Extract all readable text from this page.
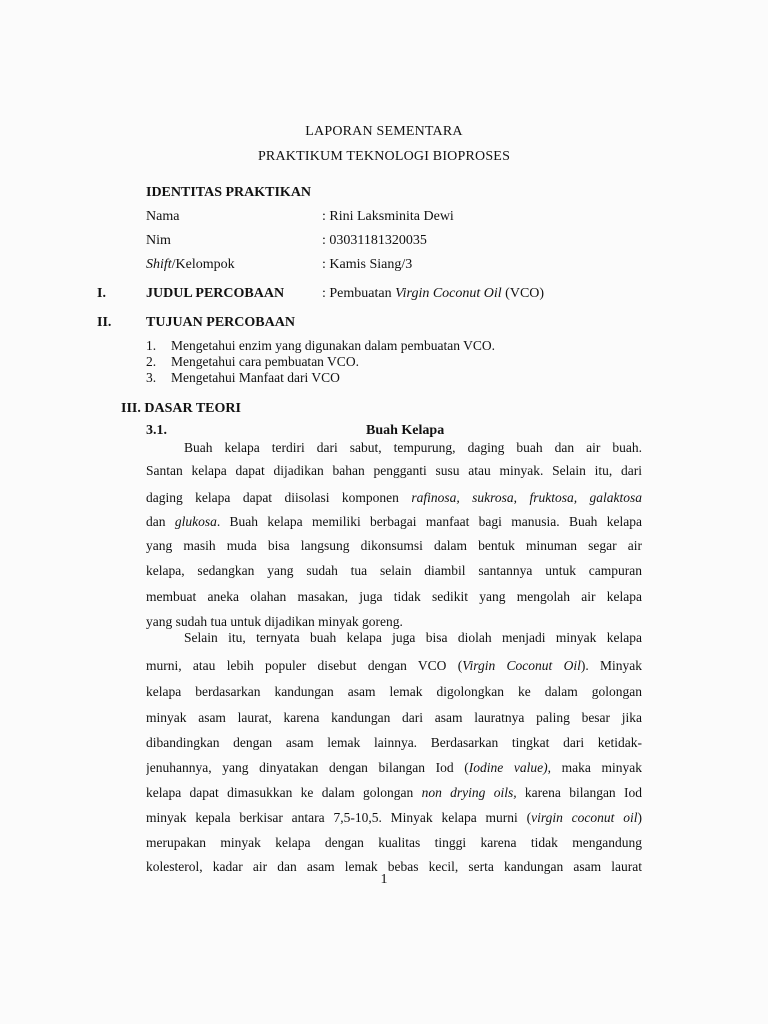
LAPORAN SEMENTARA
PRAKTIKUM TEKNOLOGI BIOPROSES
IDENTITAS PRAKTIKAN
Nama	: Rini Laksminita Dewi
Nim	: 03031181320035
Shift/Kelompok	: Kamis Siang/3
I.	JUDUL PERCOBAAN	: Pembuatan Virgin Coconut Oil (VCO)
II. TUJUAN PERCOBAAN
1. Mengetahui enzim yang digunakan dalam pembuatan VCO.
2. Mengetahui cara pembuatan VCO.
3. Mengetahui Manfaat dari VCO
III. DASAR TEORI
3.1.	Buah Kelapa
Buah kelapa terdiri dari sabut, tempurung, daging buah dan air buah.
Santan kelapa dapat dijadikan bahan pengganti susu atau minyak. Selain itu, dari
daging kelapa dapat diisolasi komponen rafinosa, sukrosa, fruktosa, galaktosa
dan glukosa. Buah kelapa memiliki berbagai manfaat bagi manusia. Buah kelapa
yang masih muda bisa langsung dikonsumsi dalam bentuk minuman segar air
kelapa, sedangkan yang sudah tua selain diambil santannya untuk campuran
membuat aneka olahan masakan, juga tidak sedikit yang mengolah air kelapa
yang sudah tua untuk dijadikan minyak goreng.
Selain itu, ternyata buah kelapa juga bisa diolah menjadi minyak kelapa
murni, atau lebih populer disebut dengan VCO (Virgin Coconut Oil). Minyak
kelapa berdasarkan kandungan asam lemak digolongkan ke dalam golongan
minyak asam laurat, karena kandungan dari asam lauratnya paling besar jika
dibandingkan dengan asam lemak lainnya. Berdasarkan tingkat dari ketidak-
jenuhannya, yang dinyatakan dengan bilangan Iod (Iodine value), maka minyak
kelapa dapat dimasukkan ke dalam golongan non drying oils, karena bilangan Iod
minyak kepala berkisar antara 7,5-10,5. Minyak kelapa murni (virgin coconut oil)
merupakan minyak kelapa dengan kualitas tinggi karena tidak mengandung
kolesterol, kadar air dan asam lemak bebas kecil, serta kandungan asam laurat
1
